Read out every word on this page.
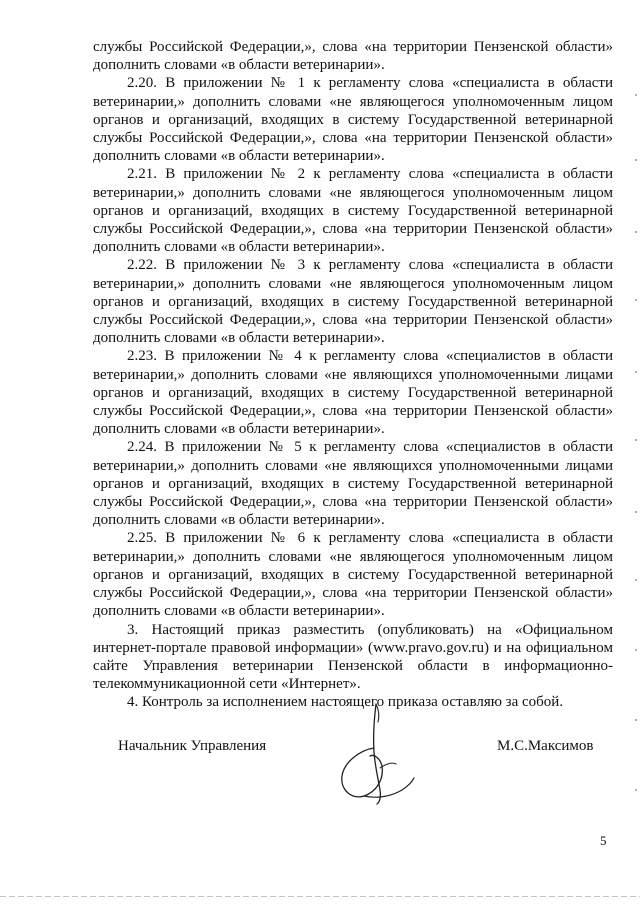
службы Российской Федерации,», слова «на территории Пензенской области» дополнить словами «в области ветеринарии».

2.20. В приложении № 1 к регламенту слова «специалиста в области ветеринарии,» дополнить словами «не являющегося уполномоченным лицом органов и организаций, входящих в систему Государственной ветеринарной службы Российской Федерации,», слова «на территории Пензенской области» дополнить словами «в области ветеринарии».

2.21. В приложении № 2 к регламенту слова «специалиста в области ветеринарии,» дополнить словами «не являющегося уполномоченным лицом органов и организаций, входящих в систему Государственной ветеринарной службы Российской Федерации,», слова «на территории Пензенской области» дополнить словами «в области ветеринарии».

2.22. В приложении № 3 к регламенту слова «специалиста в области ветеринарии,» дополнить словами «не являющегося уполномоченным лицом органов и организаций, входящих в систему Государственной ветеринарной службы Российской Федерации,», слова «на территории Пензенской области» дополнить словами «в области ветеринарии».

2.23. В приложении № 4 к регламенту слова «специалистов в области ветеринарии,» дополнить словами «не являющихся уполномоченными лицами органов и организаций, входящих в систему Государственной ветеринарной службы Российской Федерации,», слова «на территории Пензенской области» дополнить словами «в области ветеринарии».

2.24. В приложении № 5 к регламенту слова «специалистов в области ветеринарии,» дополнить словами «не являющихся уполномоченными лицами органов и организаций, входящих в систему Государственной ветеринарной службы Российской Федерации,», слова «на территории Пензенской области» дополнить словами «в области ветеринарии».

2.25. В приложении № 6 к регламенту слова «специалиста в области ветеринарии,» дополнить словами «не являющегося уполномоченным лицом органов и организаций, входящих в систему Государственной ветеринарной службы Российской Федерации,», слова «на территории Пензенской области» дополнить словами «в области ветеринарии».

3. Настоящий приказ разместить (опубликовать) на «Официальном интернет-портале правовой информации» (www.pravo.gov.ru) и на официальном сайте Управления ветеринарии Пензенской области в информационно-телекоммуникационной сети «Интернет».

4. Контроль за исполнением настоящего приказа оставляю за собой.

Начальник Управления	М.С.Максимов
5
